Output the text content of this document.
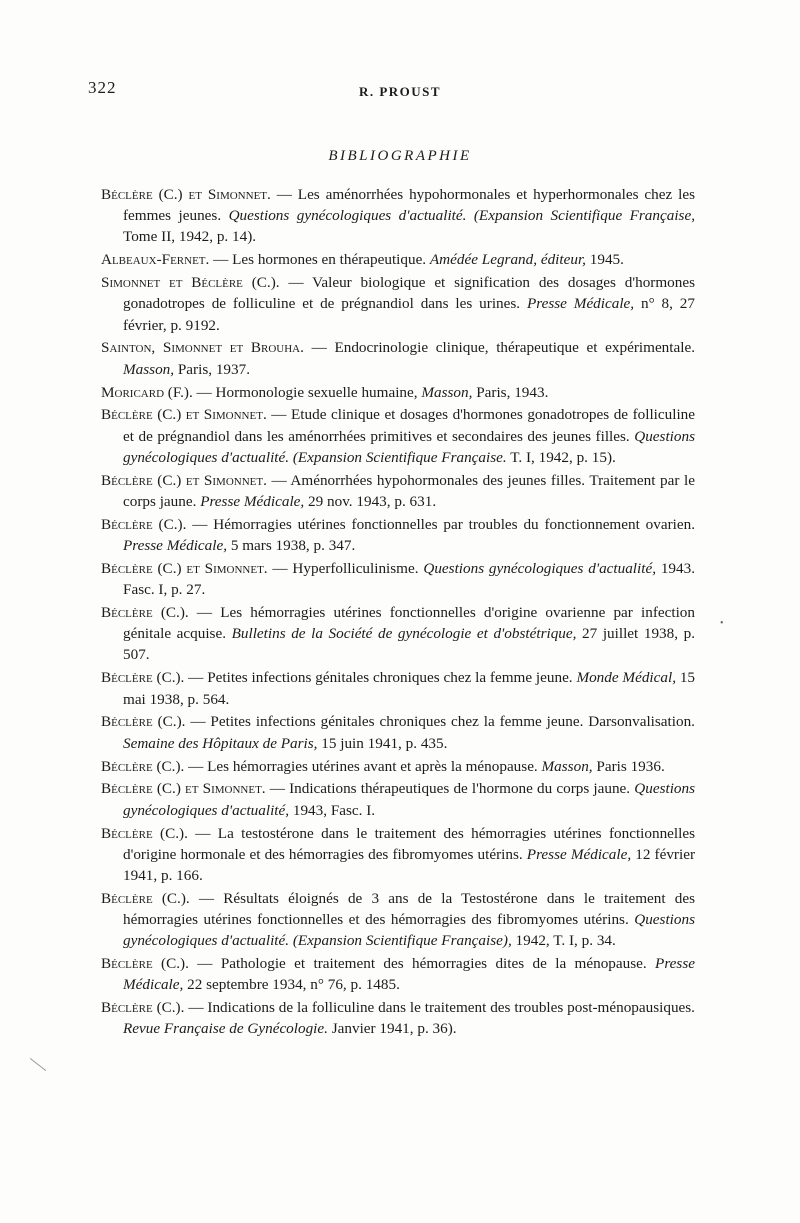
322	R. PROUST
BIBLIOGRAPHIE

Béclère (C.) et Simonnet. — Les aménorrhées hypohormonales et hyperhormonales chez les femmes jeunes. Questions gynécologiques d'actualité. (Expansion Scientifique Française, Tome II, 1942, p. 14).

Albeaux-Fernet. — Les hormones en thérapeutique. Amédée Legrand, éditeur, 1945.

Simonnet et Béclère (C.). — Valeur biologique et signification des dosages d'hormones gonadotropes de folliculine et de prégnandiol dans les urines. Presse Médicale, n° 8, 27 février, p. 9192.

Sainton, Simonnet et Brouha. — Endocrinologie clinique, thérapeutique et expérimentale. Masson, Paris, 1937.

Moricard (F.). — Hormonologie sexuelle humaine, Masson, Paris, 1943.

Béclère (C.) et Simonnet. — Etude clinique et dosages d'hormones gonadotropes de folliculine et de prégnandiol dans les aménorrhées primitives et secondaires des jeunes filles. Questions gynécologiques d'actualité. (Expansion Scientifique Française. T. I, 1942, p. 15).

Béclère (C.) et Simonnet. — Aménorrhées hypohormonales des jeunes filles. Traitement par le corps jaune. Presse Médicale, 29 nov. 1943, p. 631.

Béclère (C.). — Hémorragies utérines fonctionnelles par troubles du fonctionnement ovarien. Presse Médicale, 5 mars 1938, p. 347.

Béclère (C.) et Simonnet. — Hyperfolliculinisme. Questions gynécologiques d'actualité, 1943. Fasc. I, p. 27.

Béclère (C.). — Les hémorragies utérines fonctionnelles d'origine ovarienne par infection génitale acquise. Bulletins de la Société de gynécologie et d'obstétrique, 27 juillet 1938, p. 507.

Béclère (C.). — Petites infections génitales chroniques chez la femme jeune. Monde Médical, 15 mai 1938, p. 564.

Béclère (C.). — Petites infections génitales chroniques chez la femme jeune. Darsonvalisation. Semaine des Hôpitaux de Paris, 15 juin 1941, p. 435.

Béclère (C.). — Les hémorragies utérines avant et après la ménopause. Masson, Paris 1936.

Béclère (C.) et Simonnet. — Indications thérapeutiques de l'hormone du corps jaune. Questions gynécologiques d'actualité, 1943, Fasc. I.

Béclère (C.). — La testostérone dans le traitement des hémorragies utérines fonctionnelles d'origine hormonale et des hémorragies des fibromyomes utérins. Presse Médicale, 12 février 1941, p. 166.

Béclère (C.). — Résultats éloignés de 3 ans de la Testostérone dans le traitement des hémorragies utérines fonctionnelles et des hémorragies des fibromyomes utérins. Questions gynécologiques d'actualité. (Expansion Scientifique Française), 1942, T. I, p. 34.

Béclère (C.). — Pathologie et traitement des hémorragies dites de la ménopause. Presse Médicale, 22 septembre 1934, n° 76, p. 1485.

Béclère (C.). — Indications de la folliculine dans le traitement des troubles post-ménopausiques. Revue Française de Gynécologie. Janvier 1941, p. 36).

•
